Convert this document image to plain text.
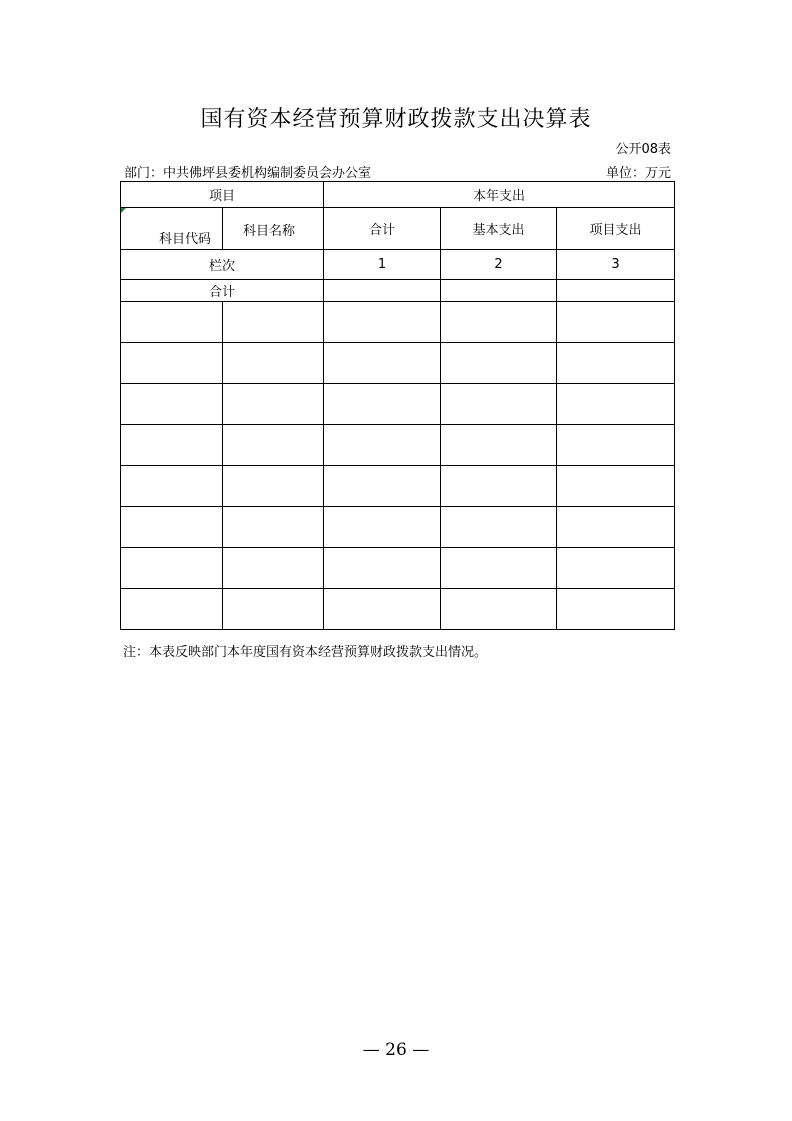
国有资本经营预算财政拨款支出决算表
公开08表
部门：中共佛坪县委机构编制委员会办公室	单位：万元
项目		本年支出		

科目代码	科目名称	合计	基本支出	项目支出
栏次		1	2	3
合计				

注：本表反映部门本年度国有资本经营预算财政拨款支出情况。
— 26 —
